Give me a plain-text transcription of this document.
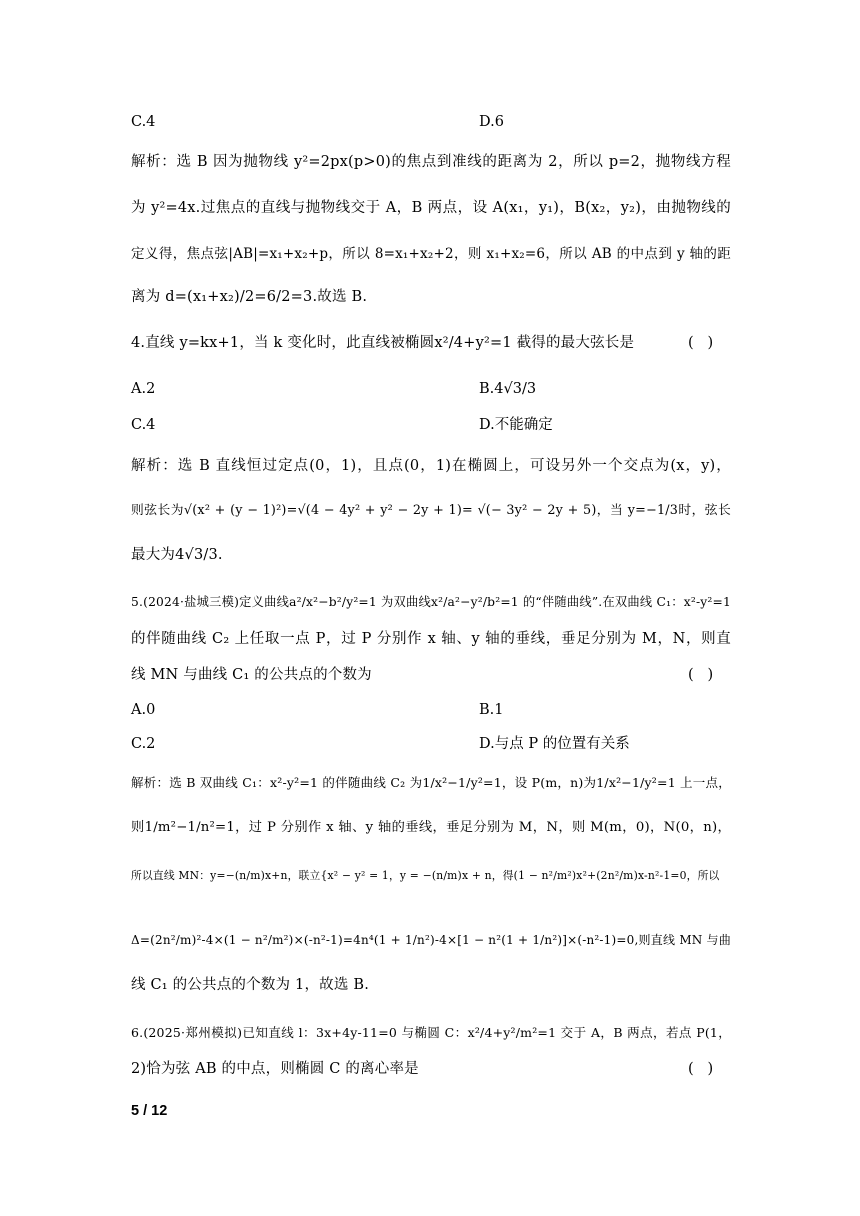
C.4	D.6
解析：选 B 因为抛物线 y²=2px(p>0)的焦点到准线的距离为 2，所以 p=2，抛物线方程
为 y²=4x.过焦点的直线与抛物线交于 A，B 两点，设 A(x₁，y₁)，B(x₂，y₂)，由抛物线的
定义得，焦点弦|AB|=x₁+x₂+p，所以 8=x₁+x₂+2，则 x₁+x₂=6，所以 AB 的中点到 y 轴的距
离为 d=(x₁+x₂)/2=6/2=3.故选 B.
4.直线 y=kx+1，当 k 变化时，此直线被椭圆x²/4+y²=1 截得的最大弦长是	(   )
A.2	B.4√3/3
C.4	D.不能确定
解析：选 B 直线恒过定点(0，1)，且点(0，1)在椭圆上，可设另外一个交点为(x，y)，
则弦长为√(x² + (y − 1)²)=√(4 − 4y² + y² − 2y + 1)= √(− 3y² − 2y + 5)，当 y=−1/3时，弦长
最大为4√3/3.
5.(2024·盐城三模)定义曲线a²/x²−b²/y²=1 为双曲线x²/a²−y²/b²=1 的“伴随曲线”.在双曲线 C₁：x²-y²=1
的伴随曲线 C₂ 上任取一点 P，过 P 分别作 x 轴、y 轴的垂线，垂足分别为 M，N，则直
线 MN 与曲线 C₁ 的公共点的个数为	(   )
A.0	B.1
C.2	D.与点 P 的位置有关系
解析：选 B 双曲线 C₁：x²-y²=1 的伴随曲线 C₂ 为1/x²−1/y²=1，设 P(m，n)为1/x²−1/y²=1 上一点，
则1/m²−1/n²=1，过 P 分别作 x 轴、y 轴的垂线，垂足分别为 M，N，则 M(m，0)，N(0，n)，
所以直线 MN：y=−(n/m)x+n，联立{x² − y² = 1，y = −(n/m)x + n，得(1 − n²/m²)x²+(2n²/m)x-n²-1=0，所以
Δ=(2n²/m)²-4×(1 − n²/m²)×(-n²-1)=4n⁴(1 + 1/n²)-4×[1 − n²(1 + 1/n²)]×(-n²-1)=0,则直线 MN 与曲
线 C₁ 的公共点的个数为 1，故选 B.
6.(2025·郑州模拟)已知直线 l：3x+4y-11=0 与椭圆 C：x²/4+y²/m²=1 交于 A，B 两点，若点 P(1，
2)恰为弦 AB 的中点，则椭圆 C 的离心率是	(   )
5 / 12
